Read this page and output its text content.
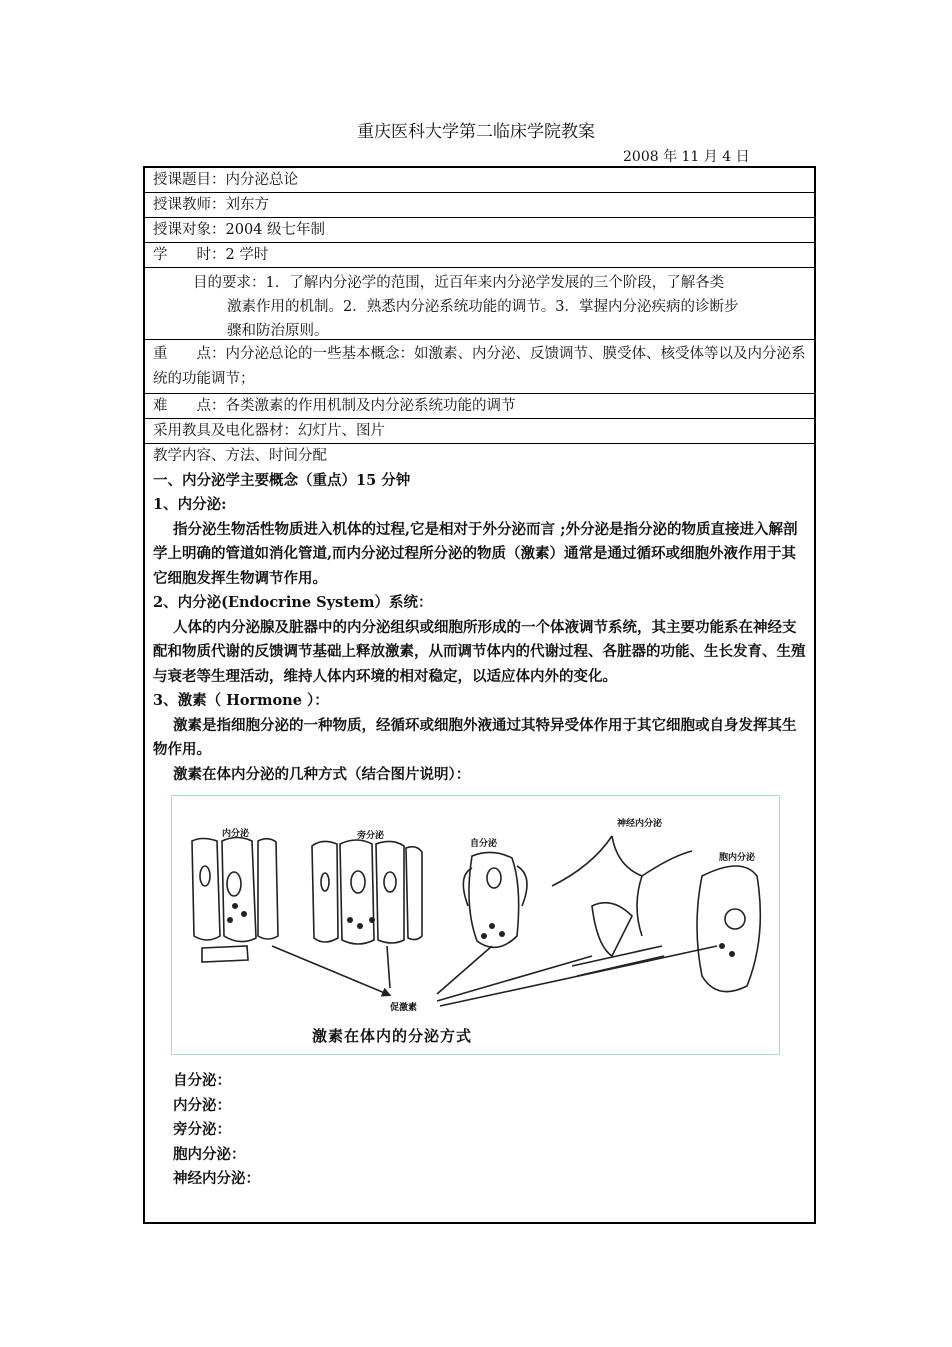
重庆医科大学第二临床学院教案
2008 年 11 月 4 日
授课题目：内分泌总论
授课教师：刘东方
授课对象：2004 级七年制
学　　时：2 学时
目的要求：1．了解内分泌学的范围，近百年来内分泌学发展的三个阶段，了解各类
激素作用的机制。2．熟悉内分泌系统功能的调节。3．掌握内分泌疾病的诊断步
骤和防治原则。
重　　点：内分泌总论的一些基本概念：如激素、内分泌、反馈调节、膜受体、核受体等以及内分泌系统的功能调节；
难　　点：各类激素的作用机制及内分泌系统功能的调节
采用教具及电化器材：幻灯片、图片
教学内容、方法、时间分配
一、内分泌学主要概念（重点）15 分钟
1、内分泌:
指分泌生物活性物质进入机体的过程,它是相对于外分泌而言 ;外分泌是指分泌的物质直接进入解剖学上明确的管道如消化管道,而内分泌过程所分泌的物质（激素）通常是通过循环或细胞外液作用于其它细胞发挥生物调节作用。
2、内分泌(Endocrine System）系统：
人体的内分泌腺及脏器中的内分泌组织或细胞所形成的一个体液调节系统，其主要功能系在神经支配和物质代谢的反馈调节基础上释放激素，从而调节体内的代谢过程、各脏器的功能、生长发育、生殖与衰老等生理活动，维持人体内环境的相对稳定，以适应体内外的变化。
3、激素（ Hormone ）：
激素是指细胞分泌的一种物质，经循环或细胞外液通过其特异受体作用于其它细胞或自身发挥其生物作用。
激素在体内分泌的几种方式（结合图片说明）：
内分泌	旁分泌
自分泌
神经内分泌
胞内分泌
促激素
激素在体内的分泌方式
自分泌：
内分泌：
旁分泌：
胞内分泌：
神经内分泌：
